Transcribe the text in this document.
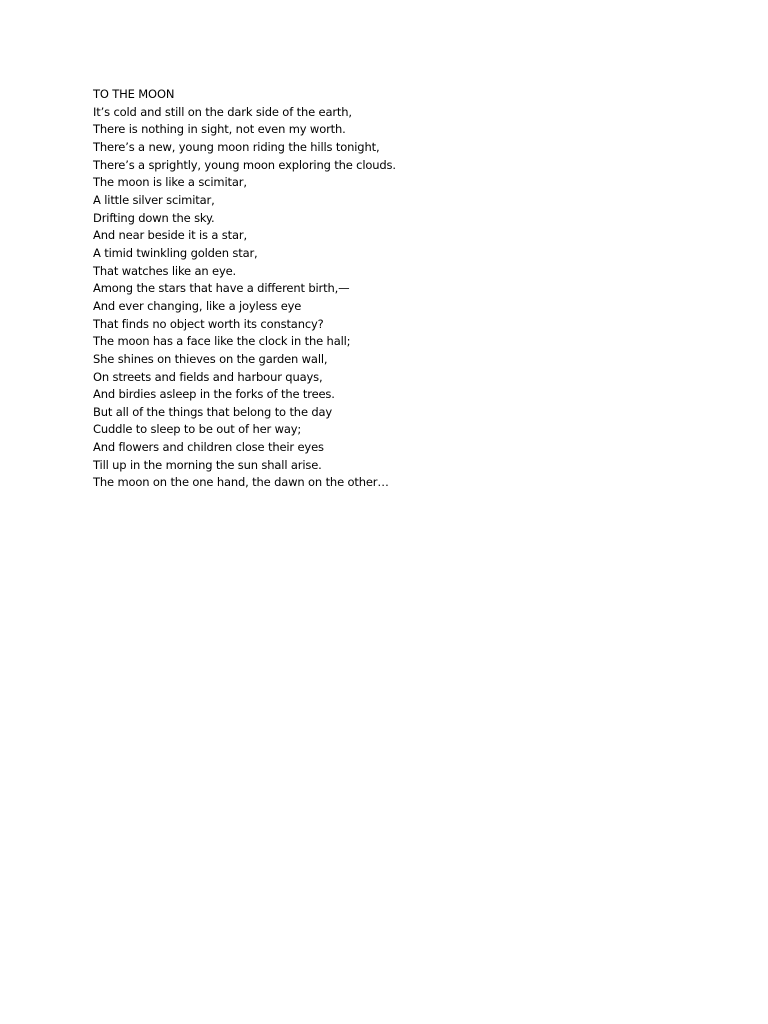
TO THE MOON
It’s cold and still on the dark side of the earth,
There is nothing in sight, not even my worth.
There’s a new, young moon riding the hills tonight,
There’s a sprightly, young moon exploring the clouds.
The moon is like a scimitar,
A little silver scimitar,
Drifting down the sky.
And near beside it is a star,
A timid twinkling golden star,
That watches like an eye.
Among the stars that have a different birth,—
And ever changing, like a joyless eye
That finds no object worth its constancy?
The moon has a face like the clock in the hall;
She shines on thieves on the garden wall,
On streets and fields and harbour quays,
And birdies asleep in the forks of the trees.
But all of the things that belong to the day
Cuddle to sleep to be out of her way;
And flowers and children close their eyes
Till up in the morning the sun shall arise.
The moon on the one hand, the dawn on the other…
